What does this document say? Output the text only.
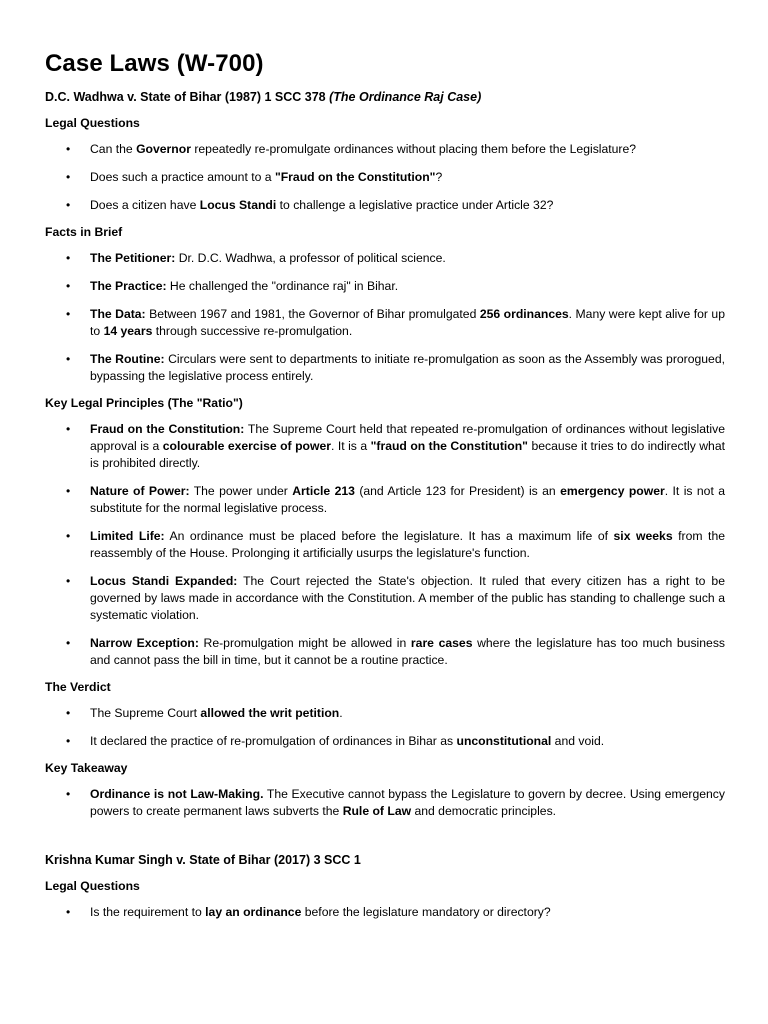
Case Laws (W-700)
D.C. Wadhwa v. State of Bihar (1987) 1 SCC 378 (The Ordinance Raj Case)
Legal Questions
• Can the Governor repeatedly re-promulgate ordinances without placing them before the Legislature?
• Does such a practice amount to a "Fraud on the Constitution"?
• Does a citizen have Locus Standi to challenge a legislative practice under Article 32?
Facts in Brief
• The Petitioner: Dr. D.C. Wadhwa, a professor of political science.
• The Practice: He challenged the "ordinance raj" in Bihar.
• The Data: Between 1967 and 1981, the Governor of Bihar promulgated 256 ordinances. Many were kept alive for up to 14 years through successive re-promulgation.
• The Routine: Circulars were sent to departments to initiate re-promulgation as soon as the Assembly was prorogued, bypassing the legislative process entirely.
Key Legal Principles (The "Ratio")
• Fraud on the Constitution: The Supreme Court held that repeated re-promulgation of ordinances without legislative approval is a colourable exercise of power. It is a "fraud on the Constitution" because it tries to do indirectly what is prohibited directly.
• Nature of Power: The power under Article 213 (and Article 123 for President) is an emergency power. It is not a substitute for the normal legislative process.
• Limited Life: An ordinance must be placed before the legislature. It has a maximum life of six weeks from the reassembly of the House. Prolonging it artificially usurps the legislature's function.
• Locus Standi Expanded: The Court rejected the State's objection. It ruled that every citizen has a right to be governed by laws made in accordance with the Constitution. A member of the public has standing to challenge such a systematic violation.
• Narrow Exception: Re-promulgation might be allowed in rare cases where the legislature has too much business and cannot pass the bill in time, but it cannot be a routine practice.
The Verdict
• The Supreme Court allowed the writ petition.
• It declared the practice of re-promulgation of ordinances in Bihar as unconstitutional and void.
Key Takeaway
• Ordinance is not Law-Making. The Executive cannot bypass the Legislature to govern by decree. Using emergency powers to create permanent laws subverts the Rule of Law and democratic principles.
Krishna Kumar Singh v. State of Bihar (2017) 3 SCC 1
Legal Questions
• Is the requirement to lay an ordinance before the legislature mandatory or directory?
